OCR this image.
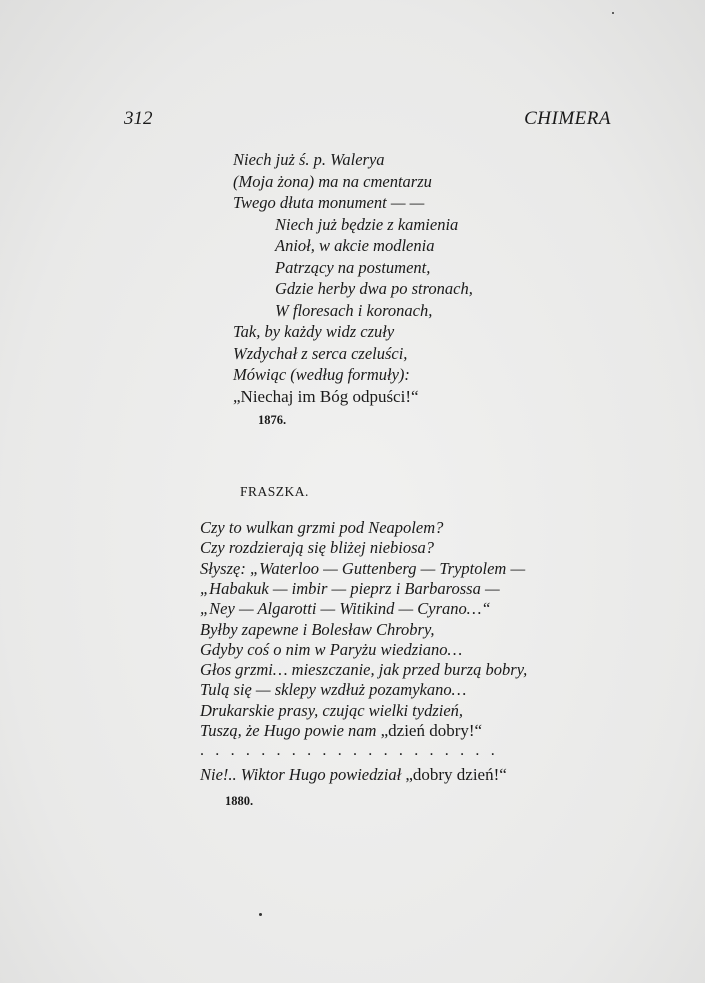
312	CHIMERA
Niech już ś. p. Walerya
(Moja żona) ma na cmentarzu
Twego dłuta monument — —
Niech już będzie z kamienia
Anioł, w akcie modlenia
Patrzący na postument,
Gdzie herby dwa po stronach,
W floresach i koronach,
Tak, by każdy widz czuły
Wzdychał z serca czeluści,
Mówiąc (według formuły):
„Niechaj im Bóg odpuści!“
1876.
FRASZKA.
Czy to wulkan grzmi pod Neapolem?
Czy rozdzierają się bliżej niebiosa?
Słyszę: „Waterloo — Guttenberg — Tryptolem —
„Habakuk — imbir — pieprz i Barbarossa —
„Ney — Algarotti — Witikind — Cyrano…“
Byłby zapewne i Bolesław Chrobry,
Gdyby coś o nim w Paryżu wiedziano…
Głos grzmi… mieszczanie, jak przed burzą bobry,
Tulą się — sklepy wzdłuż pozamykano…
Drukarskie prasy, czując wielki tydzień,
Tuszą, że Hugo powie nam „dzień dobry!“
....................
Nie!.. Wiktor Hugo powiedział „dobry dzień!“
1880.
